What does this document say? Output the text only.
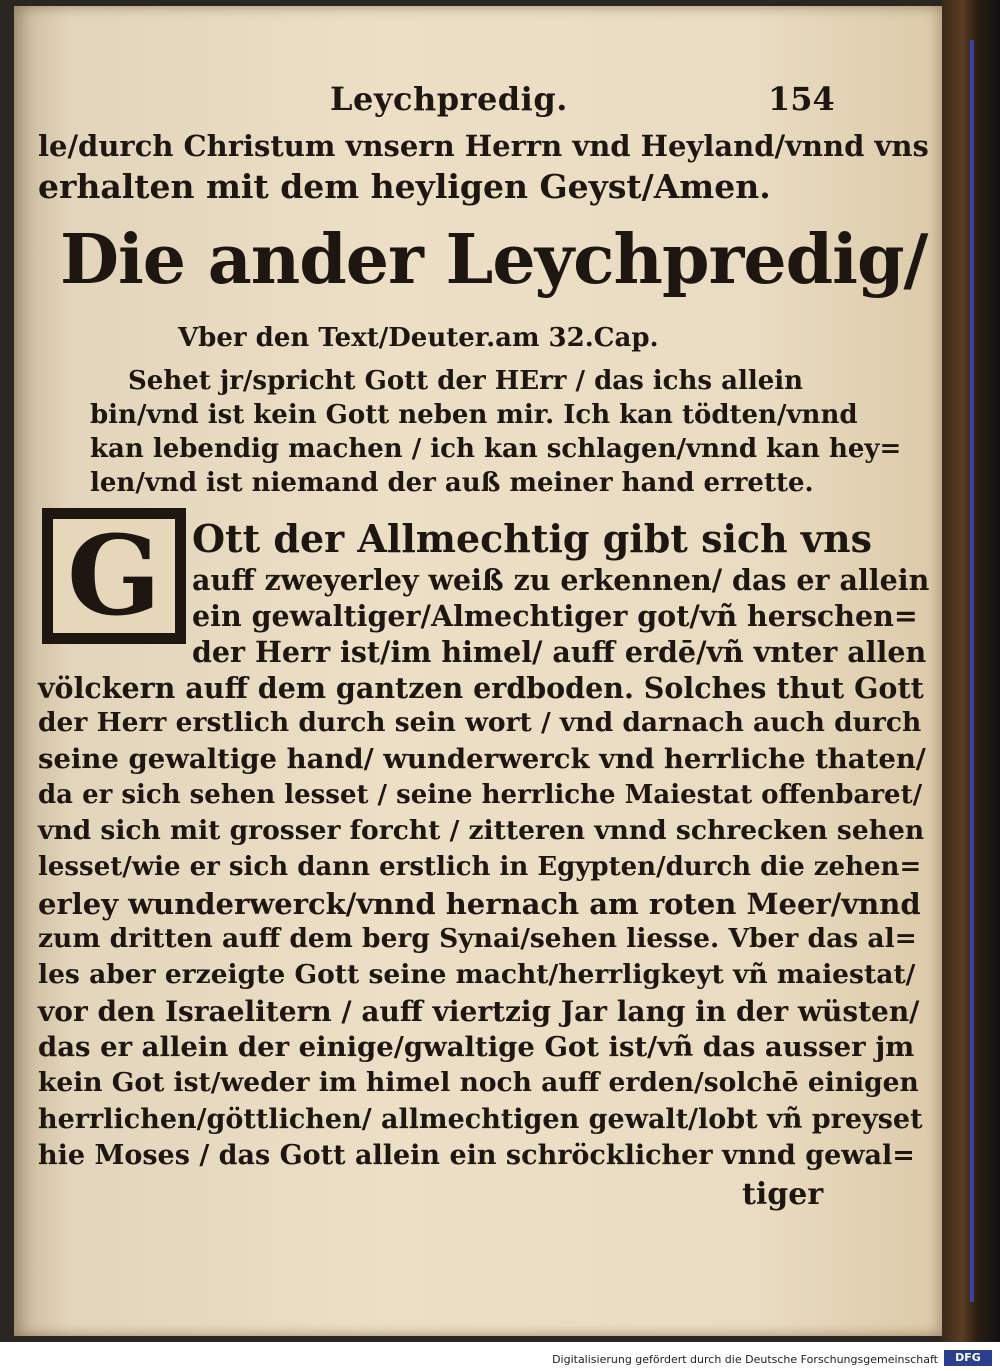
Leychpredig.	154
le/durch Christum vnsern Herrn vnd Heyland/vnnd vns
erhalten mit dem heyligen Geyst/Amen.
Die ander Leychpredig/
Vber den Text/Deuter.am 32.Cap.
Sehet jr/spricht Gott der HErr / das ichs allein
bin/vnd ist kein Gott neben mir. Ich kan tödten/vnnd
kan lebendig machen / ich kan schlagen/vnnd kan hey=
len/vnd ist niemand der auß meiner hand errette.
G Ott der Allmechtig gibt sich vns
auff zweyerley weiß zu erkennen/ das er allein
ein gewaltiger/Almechtiger got/vñ herschen=
der Herr ist/im himel/ auff erdē/vñ vnter allen
völckern auff dem gantzen erdboden. Solches thut Gott
der Herr erstlich durch sein wort / vnd darnach auch durch
seine gewaltige hand/ wunderwerck vnd herrliche thaten/
da er sich sehen lesset / seine herrliche Maiestat offenbaret/
vnd sich mit grosser forcht / zitteren vnnd schrecken sehen
lesset/wie er sich dann erstlich in Egypten/durch die zehen=
erley wunderwerck/vnnd hernach am roten Meer/vnnd
zum dritten auff dem berg Synai/sehen liesse. Vber das al=
les aber erzeigte Gott seine macht/herrligkeyt vñ maiestat/
vor den Israelitern / auff viertzig Jar lang in der wüsten/
das er allein der einige/gwaltige Got ist/vñ das ausser jm
kein Got ist/weder im himel noch auff erden/solchē einigen
herrlichen/göttlichen/ allmechtigen gewalt/lobt vñ preyset
hie Moses / das Gott allein ein schröcklicher vnnd gewal=
tiger
Digitalisierung gefördert durch die Deutsche Forschungsgemeinschaft	DFG
